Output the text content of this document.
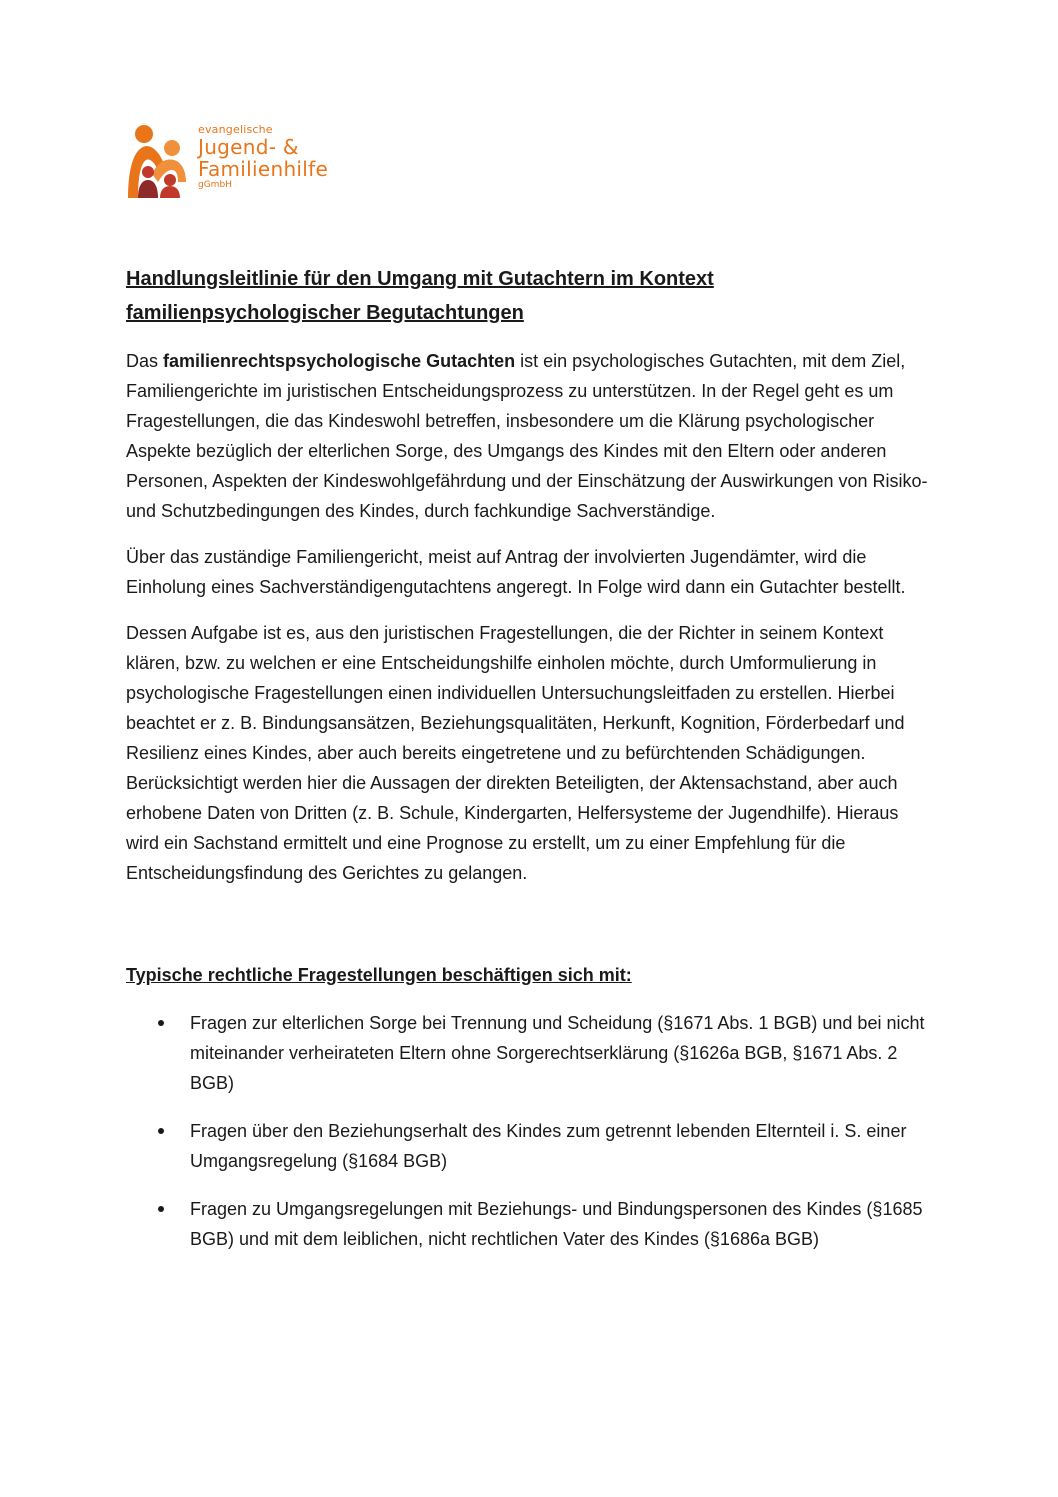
evangelische
Jugend- &
Familienhilfe
gGmbH
Handlungsleitlinie für den Umgang mit Gutachtern im Kontext
familienpsychologischer Begutachtungen

Das familienrechtspsychologische Gutachten ist ein psychologisches Gutachten, mit dem Ziel, Familiengerichte im juristischen Entscheidungsprozess zu unterstützen. In der Regel geht es um Fragestellungen, die das Kindeswohl betreffen, insbesondere um die Klärung psychologischer Aspekte bezüglich der elterlichen Sorge, des Umgangs des Kindes mit den Eltern oder anderen Personen, Aspekten der Kindeswohlgefährdung und der Einschätzung der Auswirkungen von Risiko- und Schutzbedingungen des Kindes, durch fachkundige Sachverständige.

Über das zuständige Familiengericht, meist auf Antrag der involvierten Jugendämter, wird die Einholung eines Sachverständigengutachtens angeregt. In Folge wird dann ein Gutachter bestellt.

Dessen Aufgabe ist es, aus den juristischen Fragestellungen, die der Richter in seinem Kontext klären, bzw. zu welchen er eine Entscheidungshilfe einholen möchte, durch Umformulierung in psychologische Fragestellungen einen individuellen Untersuchungsleitfaden zu erstellen. Hierbei beachtet er z. B. Bindungsansätzen, Beziehungsqualitäten, Herkunft, Kognition, Förderbedarf und Resilienz eines Kindes, aber auch bereits eingetretene und zu befürchtenden Schädigungen. Berücksichtigt werden hier die Aussagen der direkten Beteiligten, der Aktensachstand, aber auch erhobene Daten von Dritten (z. B. Schule, Kindergarten, Helfersysteme der Jugendhilfe). Hieraus wird ein Sachstand ermittelt und eine Prognose zu erstellt, um zu einer Empfehlung für die Entscheidungsfindung des Gerichtes zu gelangen.

Typische rechtliche Fragestellungen beschäftigen sich mit:

Fragen zur elterlichen Sorge bei Trennung und Scheidung (§1671 Abs. 1 BGB) und bei nicht miteinander verheirateten Eltern ohne Sorgerechtserklärung (§1626a BGB, §1671 Abs. 2 BGB)
Fragen über den Beziehungserhalt des Kindes zum getrennt lebenden Elternteil i. S. einer Umgangsregelung (§1684 BGB)
Fragen zu Umgangsregelungen mit Beziehungs- und Bindungspersonen des Kindes (§1685 BGB) und mit dem leiblichen, nicht rechtlichen Vater des Kindes (§1686a BGB)
